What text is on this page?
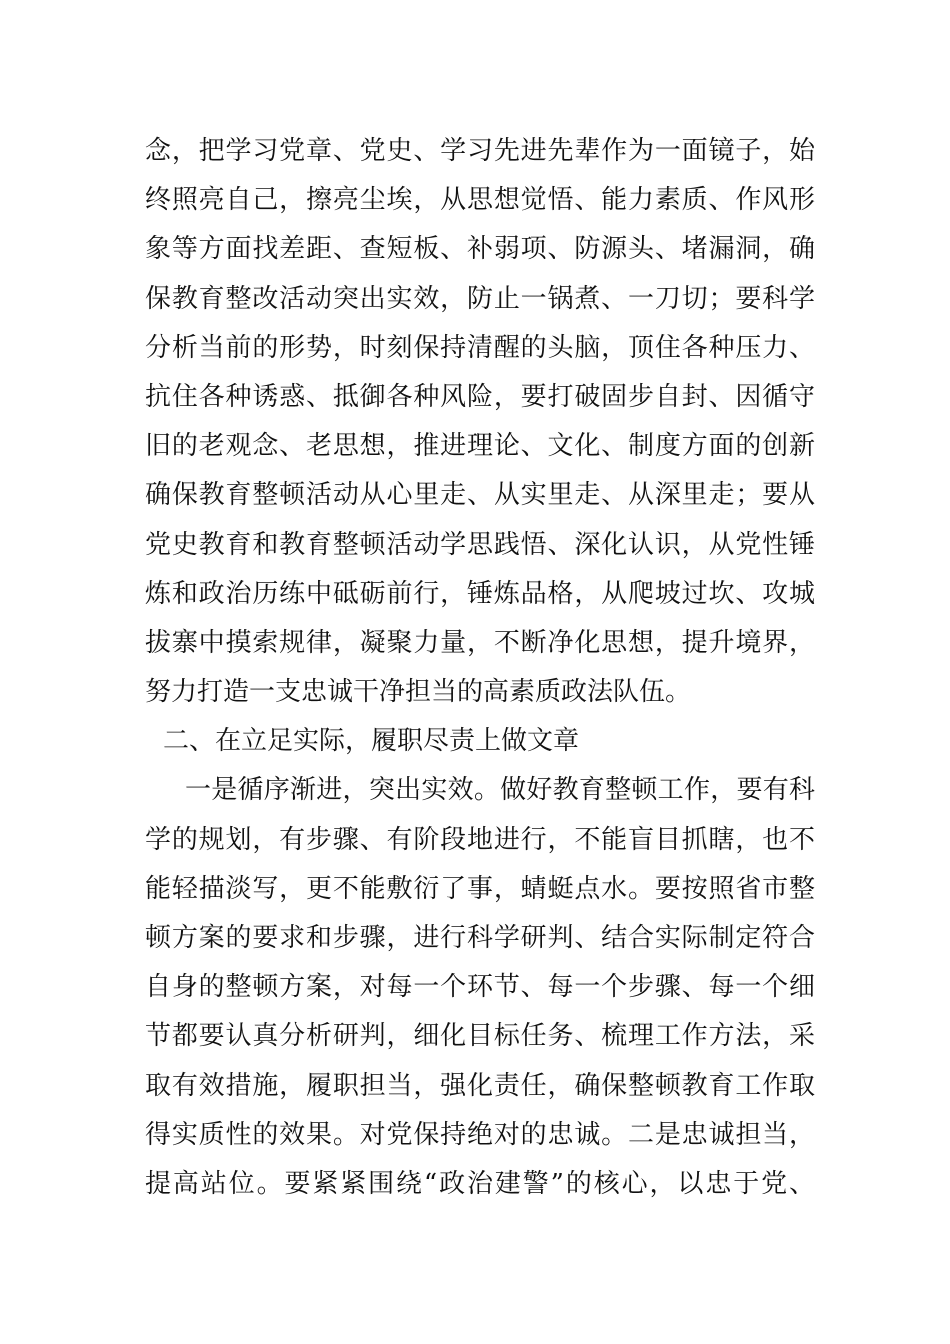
念，把学习党章、党史、学习先进先辈作为一面镜子，始
终照亮自己，擦亮尘埃，从思想觉悟、能力素质、作风形
象等方面找差距、查短板、补弱项、防源头、堵漏洞，确
保教育整改活动突出实效，防止一锅煮、一刀切；要科学
分析当前的形势，时刻保持清醒的头脑，顶住各种压力、
抗住各种诱惑、抵御各种风险，要打破固步自封、因循守
旧的老观念、老思想，推进理论、文化、制度方面的创新
确保教育整顿活动从心里走、从实里走、从深里走；要从
党史教育和教育整顿活动学思践悟、深化认识，从党性锤
炼和政治历练中砥砺前行，锤炼品格，从爬坡过坎、攻城
拔寨中摸索规律，凝聚力量，不断净化思想，提升境界，
努力打造一支忠诚干净担当的高素质政法队伍。
二、在立足实际，履职尽责上做文章
一是循序渐进，突出实效。做好教育整顿工作，要有科
学的规划，有步骤、有阶段地进行，不能盲目抓瞎，也不
能轻描淡写，更不能敷衍了事，蜻蜓点水。要按照省市整
顿方案的要求和步骤，进行科学研判、结合实际制定符合
自身的整顿方案，对每一个环节、每一个步骤、每一个细
节都要认真分析研判，细化目标任务、梳理工作方法，采
取有效措施，履职担当，强化责任，确保整顿教育工作取
得实质性的效果。对党保持绝对的忠诚。二是忠诚担当，
提高站位。要紧紧围绕“政治建警”的核心，以忠于党、
